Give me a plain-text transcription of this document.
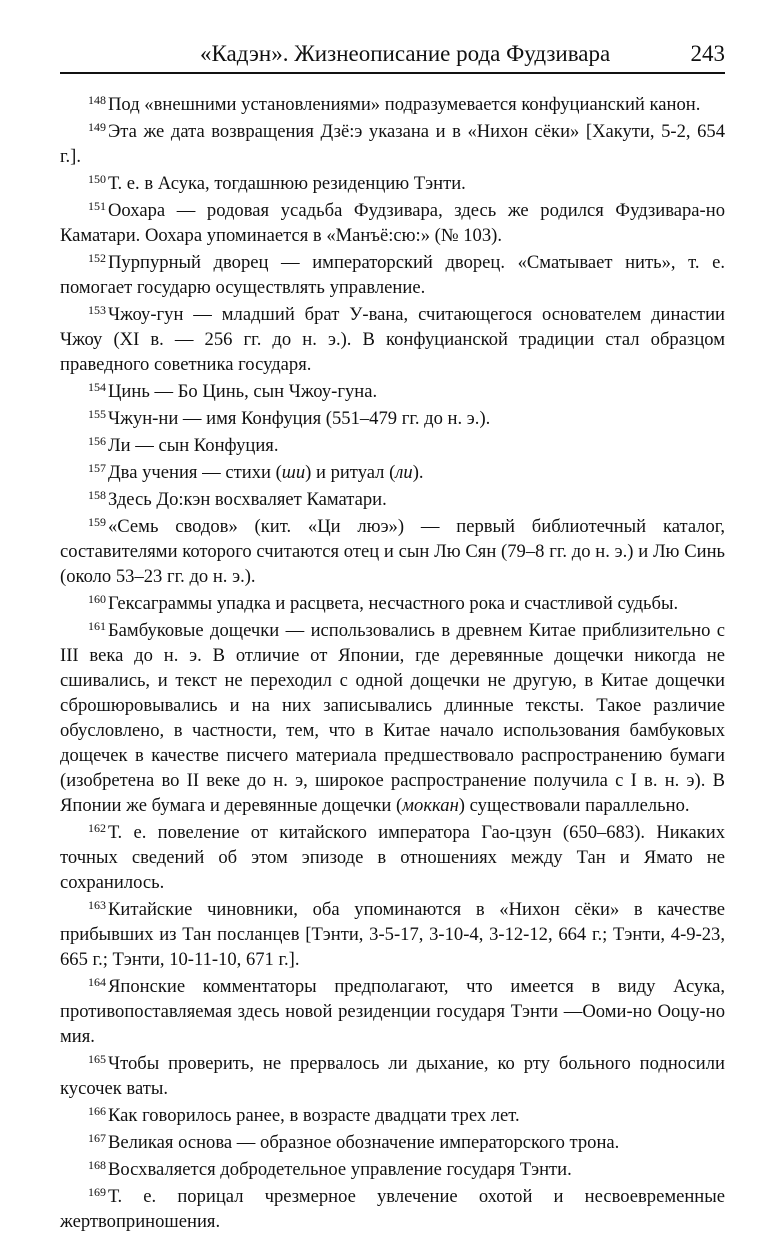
«Кадэн». Жизнеописание рода Фудзивара	243

$^{148}$ Под «внешними установлениями» подразумевается конфуцианский канон.

$^{149}$ Эта же дата возвращения Дзё:э указана и в «Нихон сёки» [Хакути, 5-2, 654 г.].

$^{150}$ Т. е. в Асука, тогдашнюю резиденцию Тэнти.

$^{151}$ Оохара — родовая усадьба Фудзивара, здесь же родился Фудзивара-но Каматари. Оохара упоминается в «Манъё:сю:» (№ 103).

$^{152}$ Пурпурный дворец — императорский дворец. «Сматывает нить», т. е. помогает государю осуществлять управление.

$^{153}$ Чжоу-гун — младший брат У-вана, считающегося основателем династии Чжоу (XI в. — 256 гг. до н. э.). В конфуцианской традиции стал образцом праведного советника государя.

$^{154}$ Цинь — Бо Цинь, сын Чжоу-гуна.

$^{155}$ Чжун-ни — имя Конфуция (551–479 гг. до н. э.).

$^{156}$ Ли — сын Конфуция.

$^{157}$ Два учения — стихи (ши) и ритуал (ли).

$^{158}$ Здесь До:кэн восхваляет Каматари.

$^{159}$ «Семь сводов» (кит. «Ци люэ») — первый библиотечный каталог, составителями которого считаются отец и сын Лю Сян (79–8 гг. до н. э.) и Лю Синь (около 53–23 гг. до н. э.).

$^{160}$ Гексаграммы упадка и расцвета, несчастного рока и счастливой судьбы.

$^{161}$ Бамбуковые дощечки — использовались в древнем Китае приблизительно с III века до н. э. В отличие от Японии, где деревянные дощечки никогда не сшивались, и текст не переходил с одной дощечки не другую, в Китае дощечки сброшюровывались и на них записывались длинные тексты. Такое различие обусловлено, в частности, тем, что в Китае начало использования бамбуковых дощечек в качестве писчего материала предшествовало распространению бумаги (изобретена во II веке до н. э, широкое распространение получила с I в. н. э). В Японии же бумага и деревянные дощечки (моккан) существовали параллельно.

$^{162}$ Т. е. повеление от китайского императора Гао-цзун (650–683). Никаких точных сведений об этом эпизоде в отношениях между Тан и Ямато не сохранилось.

$^{163}$ Китайские чиновники, оба упоминаются в «Нихон сёки» в качестве прибывших из Тан посланцев [Тэнти, 3-5-17, 3-10-4, 3-12-12, 664 г.; Тэнти, 4-9-23, 665 г.; Тэнти, 10-11-10, 671 г.].

$^{164}$ Японские комментаторы предполагают, что имеется в виду Асука, противопоставляемая здесь новой резиденции государя Тэнти —Ооми-но Ооцу-но мия.

$^{165}$ Чтобы проверить, не прервалось ли дыхание, ко рту больного подносили кусочек ваты.

$^{166}$ Как говорилось ранее, в возрасте двадцати трех лет.

$^{167}$ Великая основа — образное обозначение императорского трона.

$^{168}$ Восхваляется добродетельное управление государя Тэнти.

$^{169}$ Т. е. порицал чрезмерное увлечение охотой и несвоевременные жертвоприношения.
